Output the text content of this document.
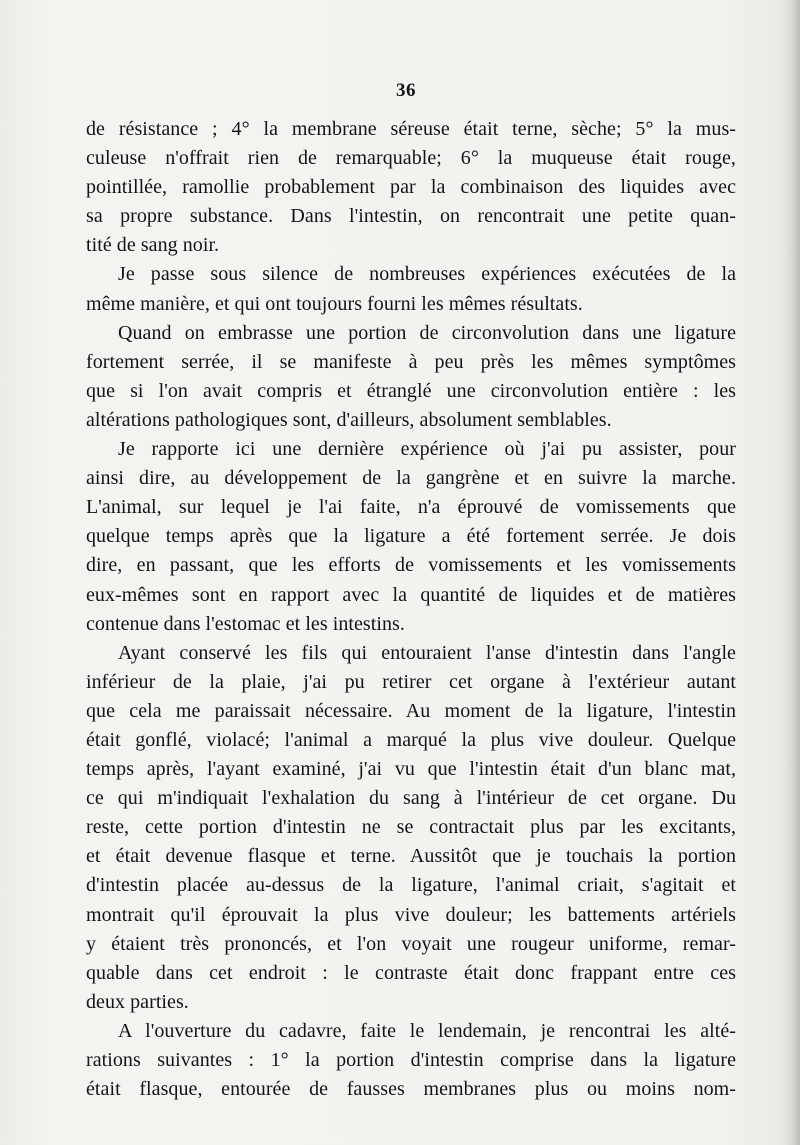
36
de résistance ; 4° la membrane séreuse était terne, sèche; 5° la mus-
culeuse n'offrait rien de remarquable; 6° la muqueuse était rouge,
pointillée, ramollie probablement par la combinaison des liquides avec
sa propre substance. Dans l'intestin, on rencontrait une petite quan-
tité de sang noir.
Je passe sous silence de nombreuses expériences exécutées de la
même manière, et qui ont toujours fourni les mêmes résultats.
Quand on embrasse une portion de circonvolution dans une ligature
fortement serrée, il se manifeste à peu près les mêmes symptômes
que si l'on avait compris et étranglé une circonvolution entière : les
altérations pathologiques sont, d'ailleurs, absolument semblables.
Je rapporte ici une dernière expérience où j'ai pu assister, pour
ainsi dire, au développement de la gangrène et en suivre la marche.
L'animal, sur lequel je l'ai faite, n'a éprouvé de vomissements que
quelque temps après que la ligature a été fortement serrée. Je dois
dire, en passant, que les efforts de vomissements et les vomissements
eux-mêmes sont en rapport avec la quantité de liquides et de matières
contenue dans l'estomac et les intestins.
Ayant conservé les fils qui entouraient l'anse d'intestin dans l'angle
inférieur de la plaie, j'ai pu retirer cet organe à l'extérieur autant
que cela me paraissait nécessaire. Au moment de la ligature, l'intestin
était gonflé, violacé; l'animal a marqué la plus vive douleur. Quelque
temps après, l'ayant examiné, j'ai vu que l'intestin était d'un blanc mat,
ce qui m'indiquait l'exhalation du sang à l'intérieur de cet organe. Du
reste, cette portion d'intestin ne se contractait plus par les excitants,
et était devenue flasque et terne. Aussitôt que je touchais la portion
d'intestin placée au-dessus de la ligature, l'animal criait, s'agitait et
montrait qu'il éprouvait la plus vive douleur; les battements artériels
y étaient très prononcés, et l'on voyait une rougeur uniforme, remar-
quable dans cet endroit : le contraste était donc frappant entre ces
deux parties.
A l'ouverture du cadavre, faite le lendemain, je rencontrai les alté-
rations suivantes : 1° la portion d'intestin comprise dans la ligature
était flasque, entourée de fausses membranes plus ou moins nom-
